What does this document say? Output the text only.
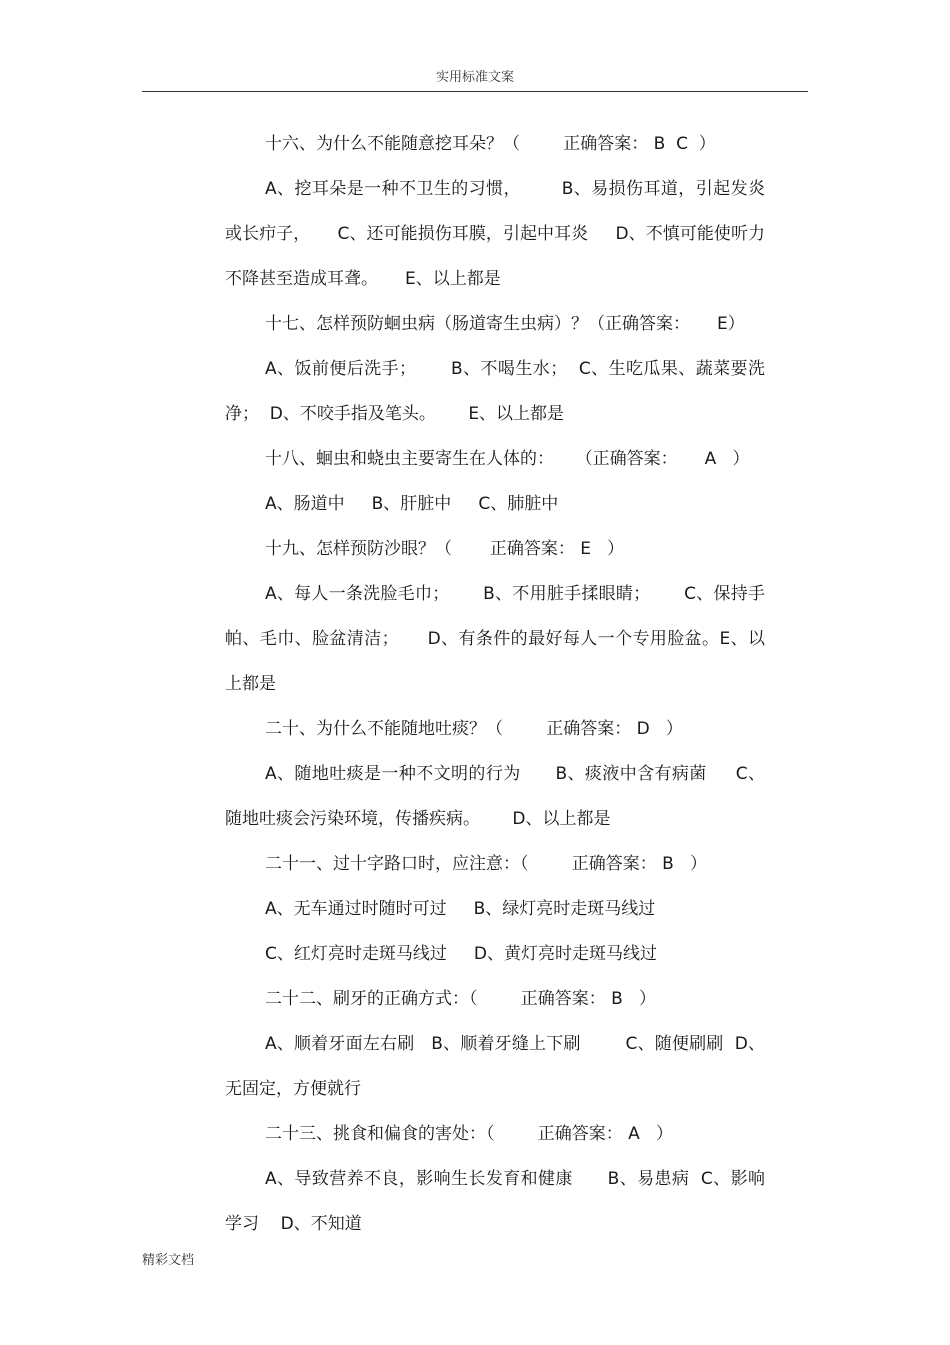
实用标准文案

十六、为什么不能随意挖耳朵？（        正确答案： B  C  ）

A、挖耳朵是一种不卫生的习惯，       B、易损伤耳道，引起发炎或长疖子，     C、还可能损伤耳膜，引起中耳炎     D、不慎可能使听力不降甚至造成耳聋。     E、以上都是

十七、怎样预防蛔虫病（肠道寄生虫病）？（正确答案：     E）

A、饭前便后洗手；      B、不喝生水；  C、生吃瓜果、蔬菜要洗净；  D、不咬手指及笔头。      E、以上都是

十八、蛔虫和蛲虫主要寄生在人体的：    （正确答案：     A   ）

A、肠道中     B、肝脏中     C、肺脏中

十九、怎样预防沙眼？（       正确答案： E   ）

A、每人一条洗脸毛巾；      B、不用脏手揉眼睛；      C、保持手帕、毛巾、脸盆清洁；     D、有条件的最好每人一个专用脸盆。E、以上都是

二十、为什么不能随地吐痰？（        正确答案： D   ）

A、随地吐痰是一种不文明的行为      B、痰液中含有病菌     C、随地吐痰会污染环境，传播疾病。      D、以上都是

二十一、过十字路口时，应注意：（        正确答案： B   ）

A、无车通过时随时可过     B、绿灯亮时走斑马线过

C、红灯亮时走斑马线过     D、黄灯亮时走斑马线过

二十二、刷牙的正确方式：（        正确答案： B   ）

A、顺着牙面左右刷   B、顺着牙缝上下刷        C、随便刷刷  D、无固定，方便就行

二十三、挑食和偏食的害处：（        正确答案： A   ）

A、导致营养不良，影响生长发育和健康      B、易患病  C、影响学习    D、不知道

精彩文档
